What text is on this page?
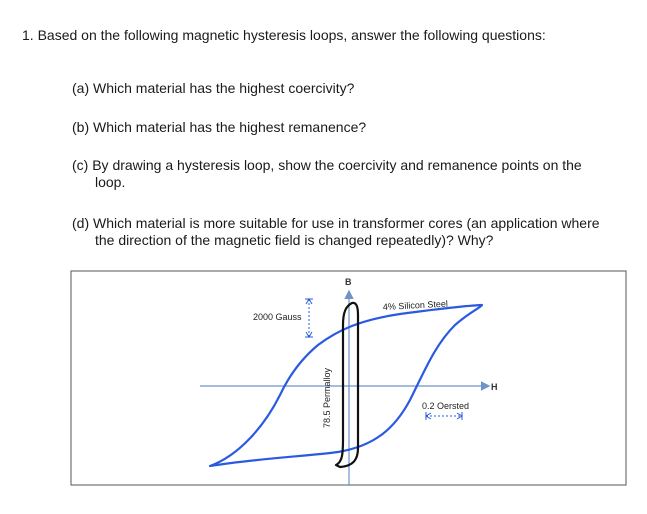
1. Based on the following magnetic hysteresis loops, answer the following questions:
(a) Which material has the highest coercivity?
(b) Which material has the highest remanence?
(c) By drawing a hysteresis loop, show the coercivity and remanence points on the
loop.
(d) Which material is more suitable for use in transformer cores (an application where
the direction of the magnetic field is changed repeatedly)? Why?
B
H
2000 Gauss
4% Silicon Steel
78.5 Permalloy	0.2 Oersted
